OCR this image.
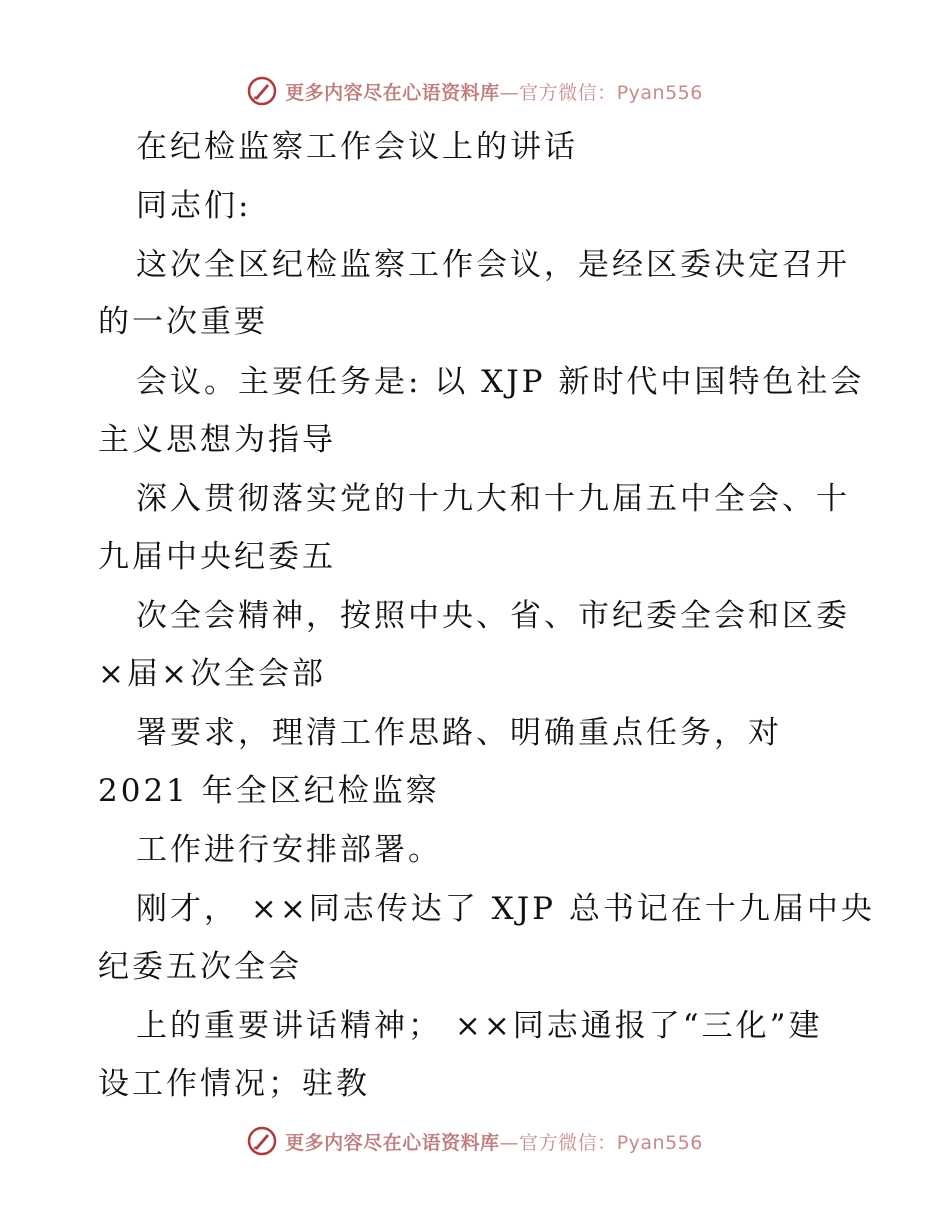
更多内容尽在心语资料库—官方微信：Pyan556
在纪检监察工作会议上的讲话
同志们:
这次全区纪检监察工作会议，是经区委决定召开
的一次重要
会议。主要任务是: 以 XJP 新时代中国特色社会
主义思想为指导
深入贯彻落实党的十九大和十九届五中全会、十
九届中央纪委五
次全会精神，按照中央、省、市纪委全会和区委
×届×次全会部
署要求，理清工作思路、明确重点任务，对
2021 年全区纪检监察
工作进行安排部署。
刚才， ××同志传达了 XJP 总书记在十九届中央
纪委五次全会
上的重要讲话精神； ××同志通报了“三化”建
设工作情况；驻教
更多内容尽在心语资料库—官方微信：Pyan556
